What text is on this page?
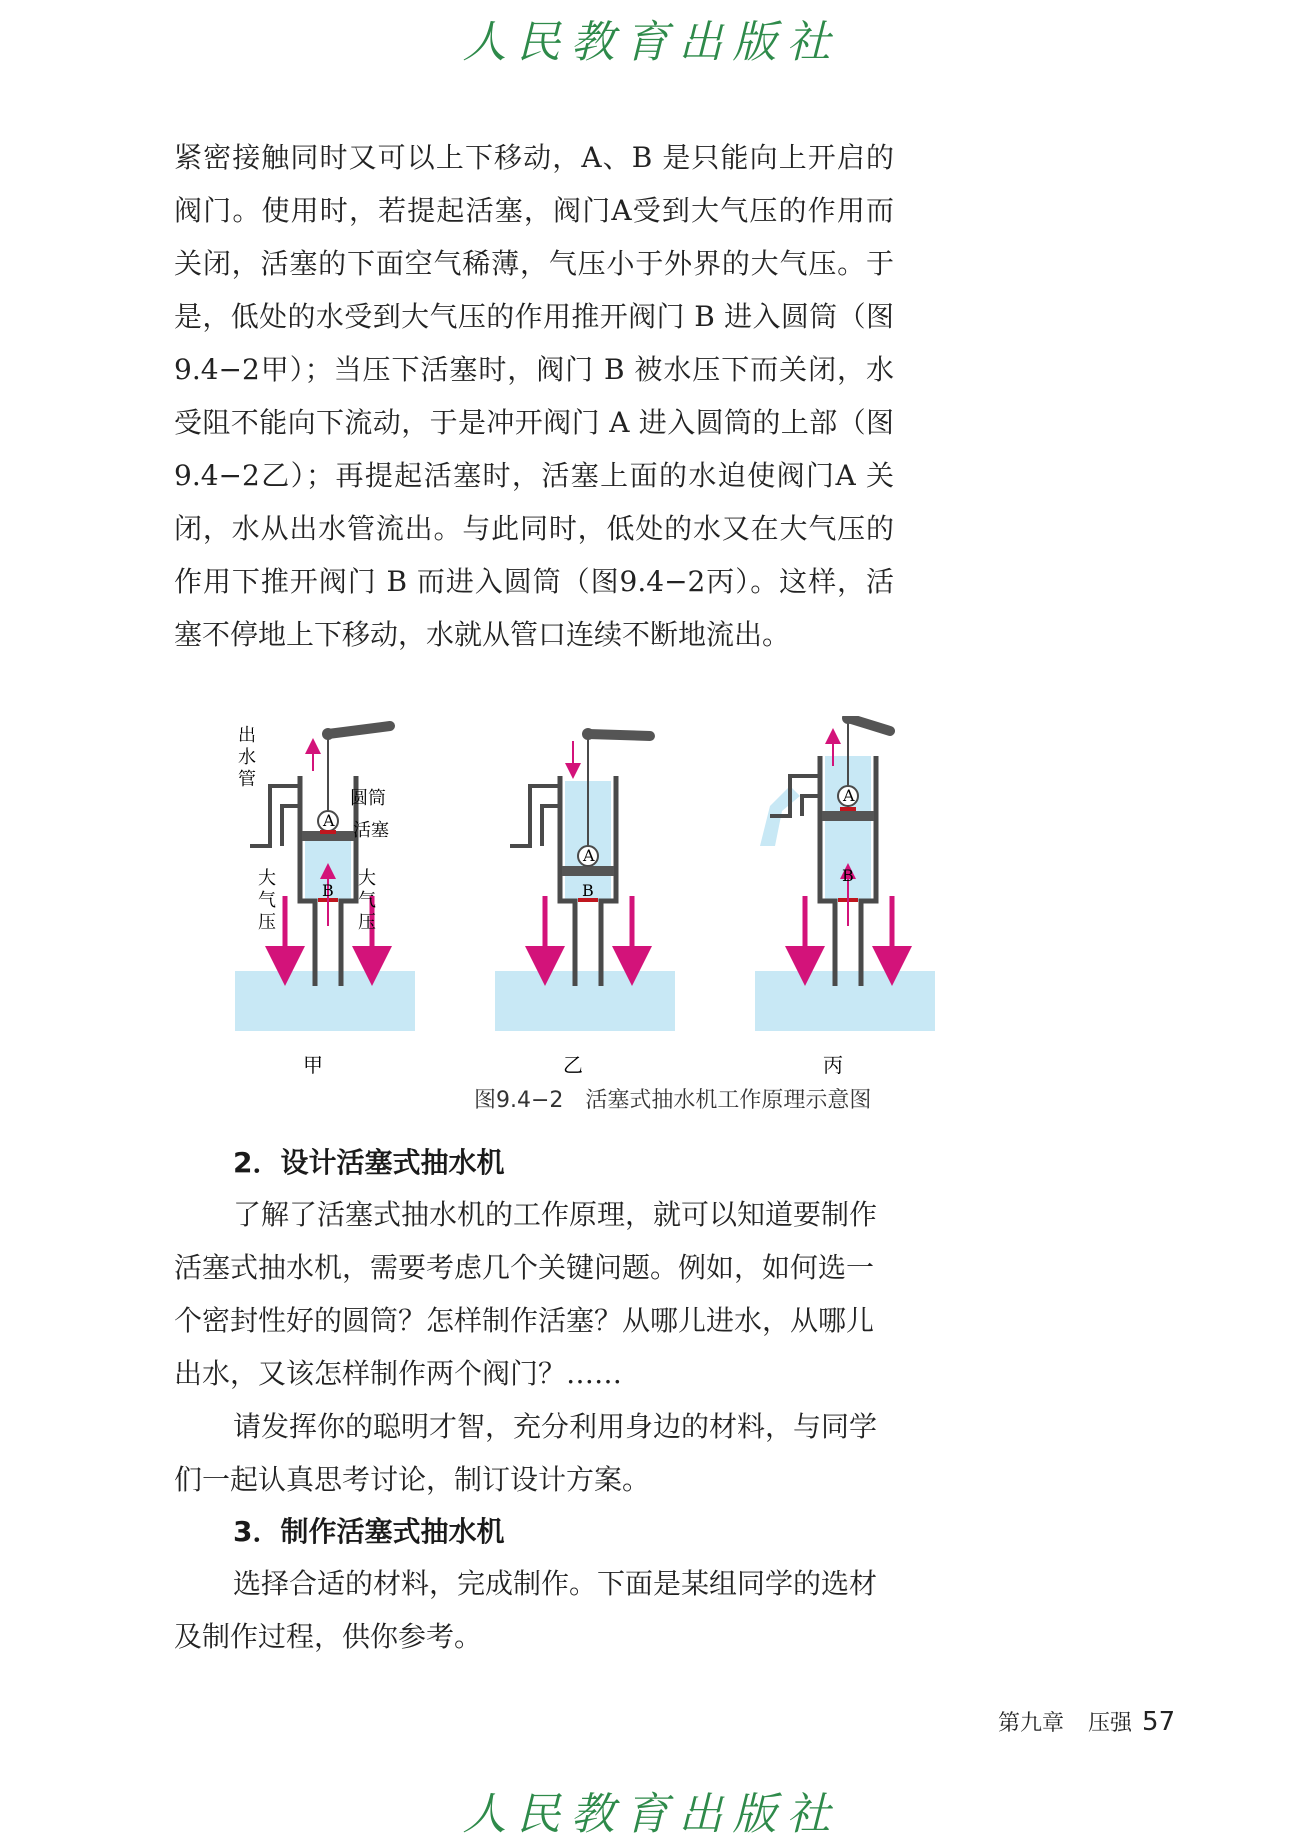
人民教育出版社

紧密接触同时又可以上下移动，A、B 是只能向上开启的阀门。使用时，若提起活塞，阀门A受到大气压的作用而关闭，活塞的下面空气稀薄，气压小于外界的大气压。于是，低处的水受到大气压的作用推开阀门 B 进入圆筒（图9.4−2甲）；当压下活塞时，阀门 B 被水压下而关闭，水受阻不能向下流动，于是冲开阀门 A 进入圆筒的上部（图9.4−2乙）；再提起活塞时，活塞上面的水迫使阀门A 关闭，水从出水管流出。与此同时，低处的水又在大气压的作用下推开阀门 B 而进入圆筒（图9.4−2丙）。这样，活塞不停地上下移动，水就从管口连续不断地流出。

A
B
出
水
管
圆筒
活塞
大
气
压
大
气
压
甲
A
B
乙
A
B
丙
图9.4−2　活塞式抽水机工作原理示意图
2．设计活塞式抽水机

了解了活塞式抽水机的工作原理，就可以知道要制作活塞式抽水机，需要考虑几个关键问题。例如，如何选一个密封性好的圆筒？怎样制作活塞？从哪儿进水，从哪儿出水，又该怎样制作两个阀门？……

请发挥你的聪明才智，充分利用身边的材料，与同学们一起认真思考讨论，制订设计方案。

3．制作活塞式抽水机

选择合适的材料，完成制作。下面是某组同学的选材及制作过程，供你参考。

第九章 压强 57
人民教育出版社
